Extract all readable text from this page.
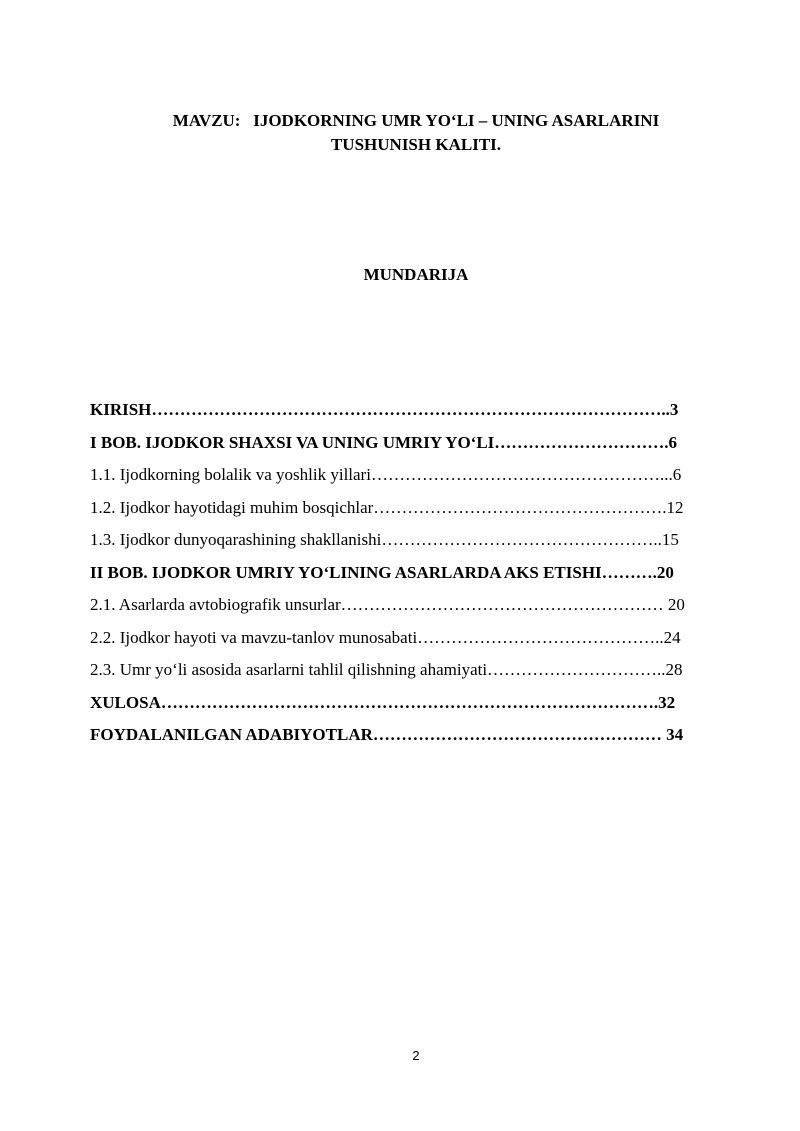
MAVZU:   IJODKORNING UMR YO‘LI – UNING ASARLARINI
TUSHUNISH KALITI.
MUNDARIJA
KIRISH………………………………………………………………………………..3
I BOB. IJODKOR SHAXSI VA UNING UMRIY YO‘LI………………………….6
1.1. Ijodkorning bolalik va yoshlik yillari……………………………………………...6
1.2. Ijodkor hayotidagi muhim bosqichlar…………………………………………….12
1.3. Ijodkor dunyoqarashining shakllanishi…………………………………………..15
II BOB. IJODKOR UMRIY YO‘LINING ASARLARDA AKS ETISHI……….20
2.1. Asarlarda avtobiografik unsurlar………………………………………………… 20
2.2. Ijodkor hayoti va mavzu-tanlov munosabati……………………………………..24
2.3. Umr yo‘li asosida asarlarni tahlil qilishning ahamiyati…………………………..28
XULOSA…………………………………………………………………………….32
FOYDALANILGAN ADABIYOTLAR…………………………………………… 34
2
